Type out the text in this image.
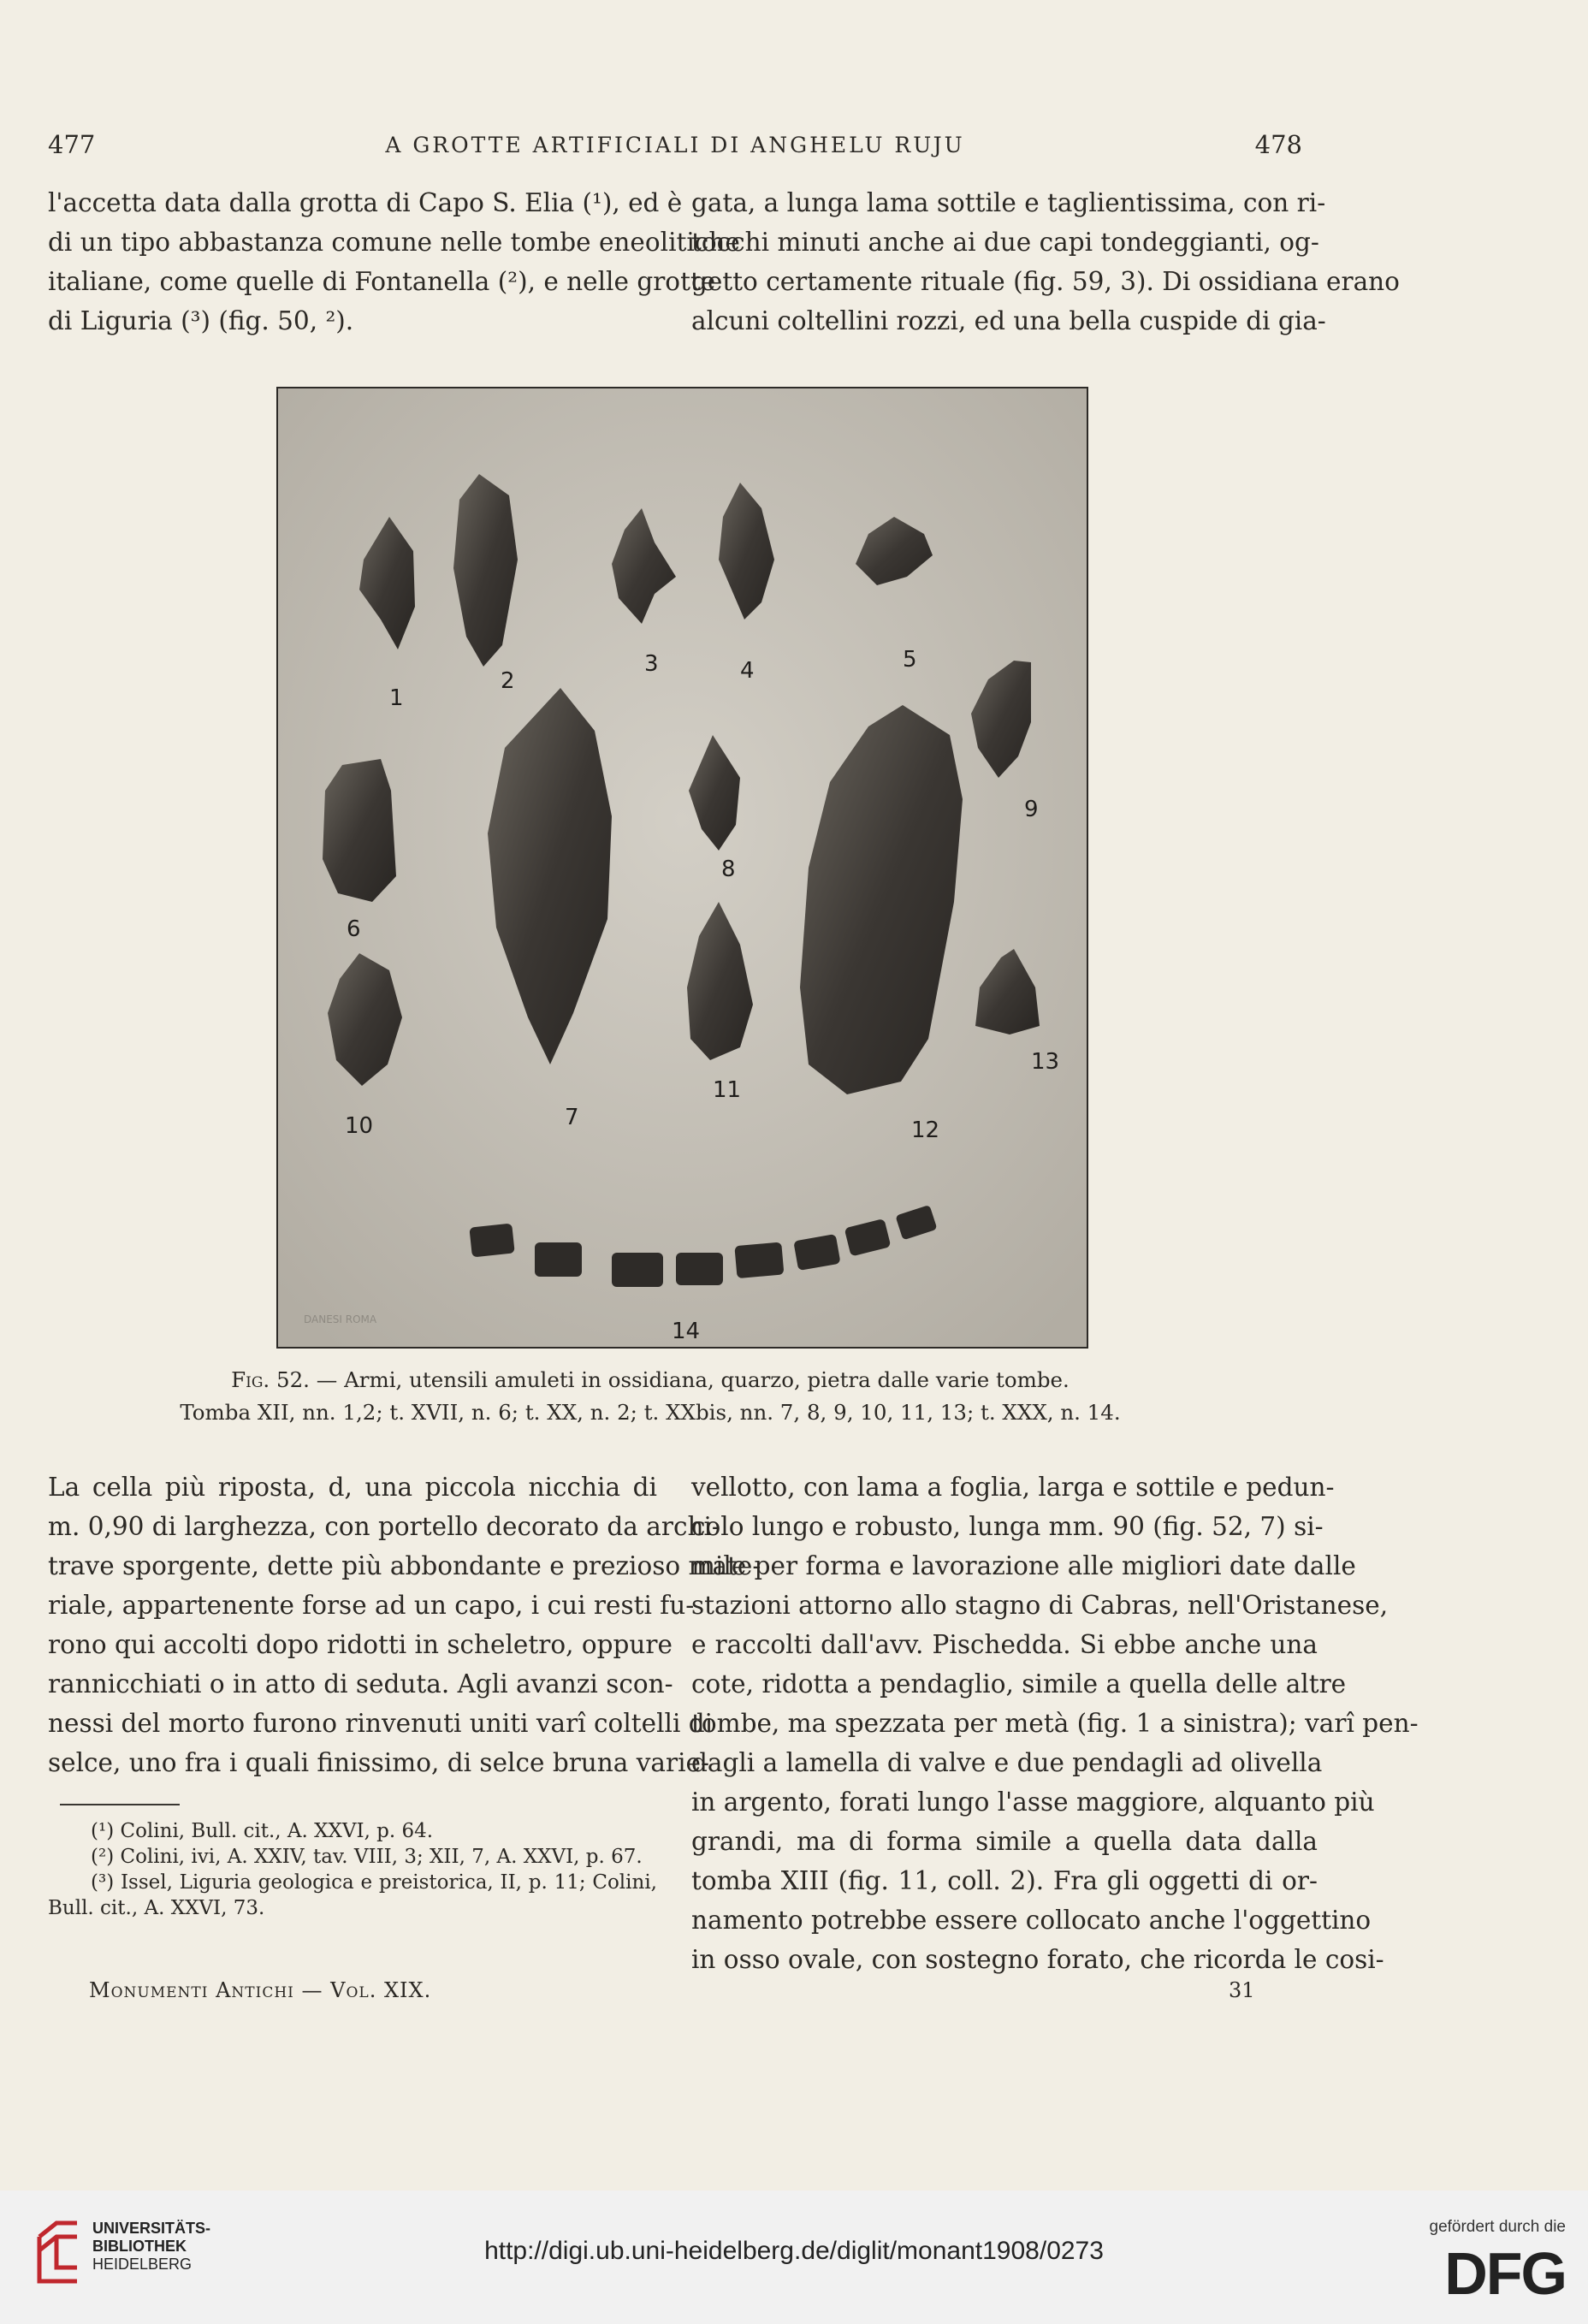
477	A GROTTE ARTIFICIALI DI ANGHELU RUJU	478
l'accetta data dalla grotta di Capo S. Elia (¹), ed è
di un tipo abbastanza comune nelle tombe eneolitiche
italiane, come quelle di Fontanella (²), e nelle grotte
di Liguria (³) (fig. 50, ²).
gata, a lunga lama sottile e taglientissima, con ri-
tocchi minuti anche ai due capi tondeggianti, og-
getto certamente rituale (fig. 59, 3). Di ossidiana erano
alcuni coltellini rozzi, ed una bella cuspide di gia-
1
2
3	4	5
6
7
8
9
10
11
12
13
14
DANESI ROMA
Fig. 52. — Armi, utensili amuleti in ossidiana, quarzo, pietra dalle varie tombe.
Tomba XII, nn. 1,2; t. XVII, n. 6; t. XX, n. 2; t. XXbis, nn. 7, 8, 9, 10, 11, 13; t. XXX, n. 14.
La cella più riposta, d, una piccola nicchia di
m. 0,90 di larghezza, con portello decorato da archi-
trave sporgente, dette più abbondante e prezioso mate-
riale, appartenente forse ad un capo, i cui resti fu-
rono qui accolti dopo ridotti in scheletro, oppure
rannicchiati o in atto di seduta. Agli avanzi scon-
nessi del morto furono rinvenuti uniti varî coltelli di
selce, uno fra i quali finissimo, di selce bruna varie-
vellotto, con lama a foglia, larga e sottile e pedun-
colo lungo e robusto, lunga mm. 90 (fig. 52, 7) si-
mile per forma e lavorazione alle migliori date dalle
stazioni attorno allo stagno di Cabras, nell'Oristanese,
e raccolti dall'avv. Pischedda. Si ebbe anche una
cote, ridotta a pendaglio, simile a quella delle altre
tombe, ma spezzata per metà (fig. 1 a sinistra); varî pen-
dagli a lamella di valve e due pendagli ad olivella
in argento, forati lungo l'asse maggiore, alquanto più
grandi, ma di forma simile a quella data dalla
tomba XIII (fig. 11, coll. 2). Fra gli oggetti di or-
namento potrebbe essere collocato anche l'oggettino
in osso ovale, con sostegno forato, che ricorda le cosi-

(¹) Colini, Bull. cit., A. XXVI, p. 64.

(²) Colini, ivi, A. XXIV, tav. VIII, 3; XII, 7, A. XXVI, p. 67.

(³) Issel, Liguria geologica e preistorica, II, p. 11; Colini, Bull. cit., A. XXVI, 73.

Monumenti Antichi — Vol. XIX.	31
UNIVERSITÄTS-
BIBLIOTHEK
HEIDELBERG	http://digi.ub.uni-heidelberg.de/diglit/monant1908/0273
gefördert durch die
DFG
